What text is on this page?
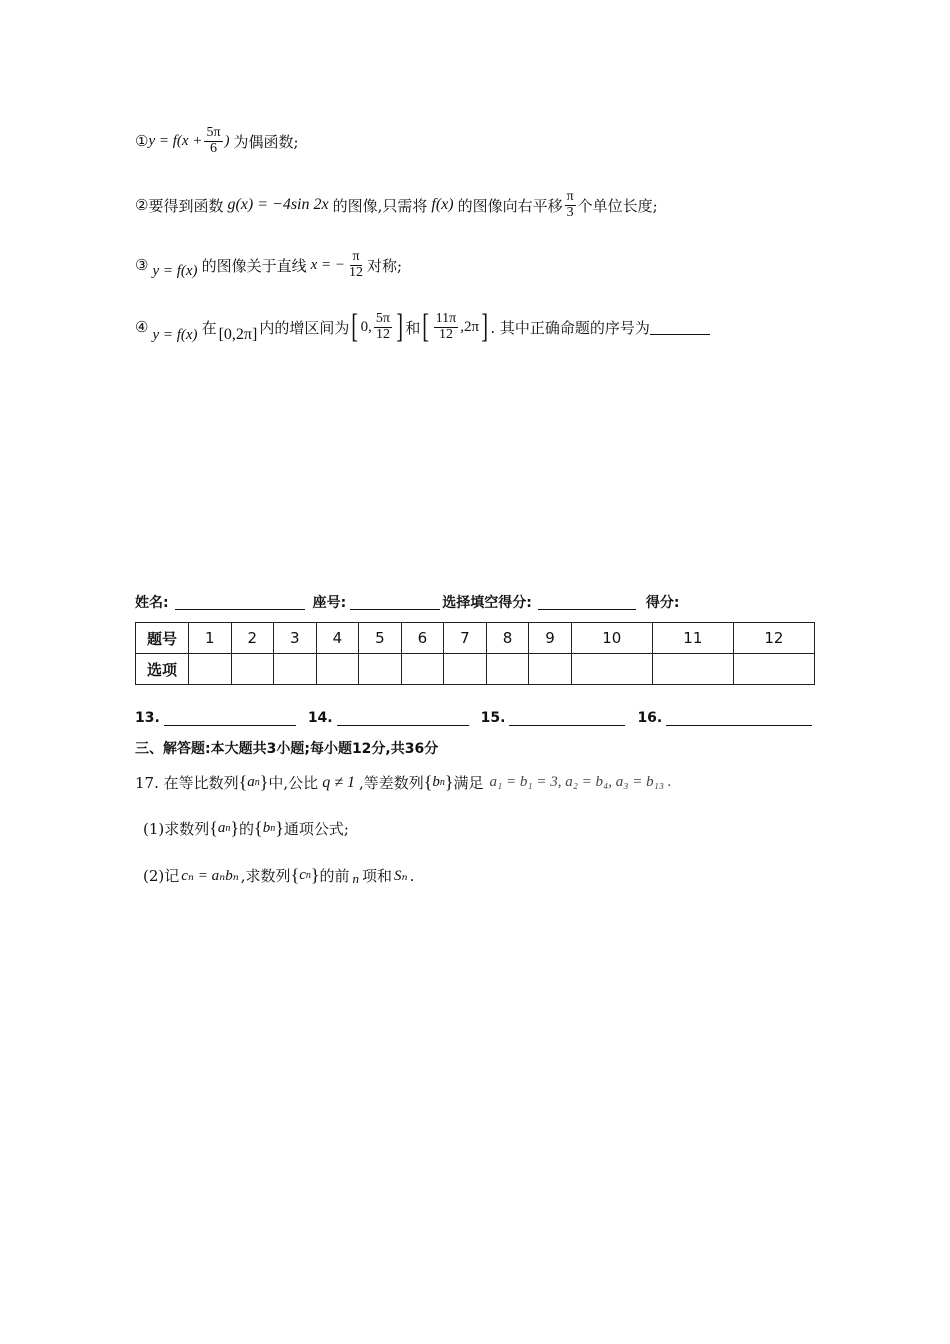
① $y = f(x + \frac{5\pi}{6}$ ) 为偶函数;
② 要得到函数 g(x) = −4sin 2x 的图像,只需将 f(x) 的图像向右平移 $\frac{\pi}{3}$ 个单位长度;
③ y = f(x) 的图像关于直线 x = − $\frac{\pi}{12}$ 对称;
④ y = f(x) 在 [0,2π] 内的增区间为 [ 0, $\frac{5\pi}{12}$ ] 和 [ $\frac{11\pi}{12} ,2\pi$ ] . 其中正确命题的序号为
姓名:	座号:	选择填空得分:	得分:
题号	1	2	3	4	5	6	7	8	9	10	11	12
选项												
13.	14.	15.	16.
三、解答题:本大题共3小题;每小题12分,共36分
17. 在等比数列 { a n } 中,公比 q ≠ 1 ,等差数列 { b n } 满足 a₁ = b₁ = 3, a₂ = b₄, a₃ = b₁₃ .
(1)求数列 { a n } 的 { b n } 通项公式;
(2)记 cₙ = aₙbₙ ,求数列 { c n } 的前 n 项和 Sₙ .
